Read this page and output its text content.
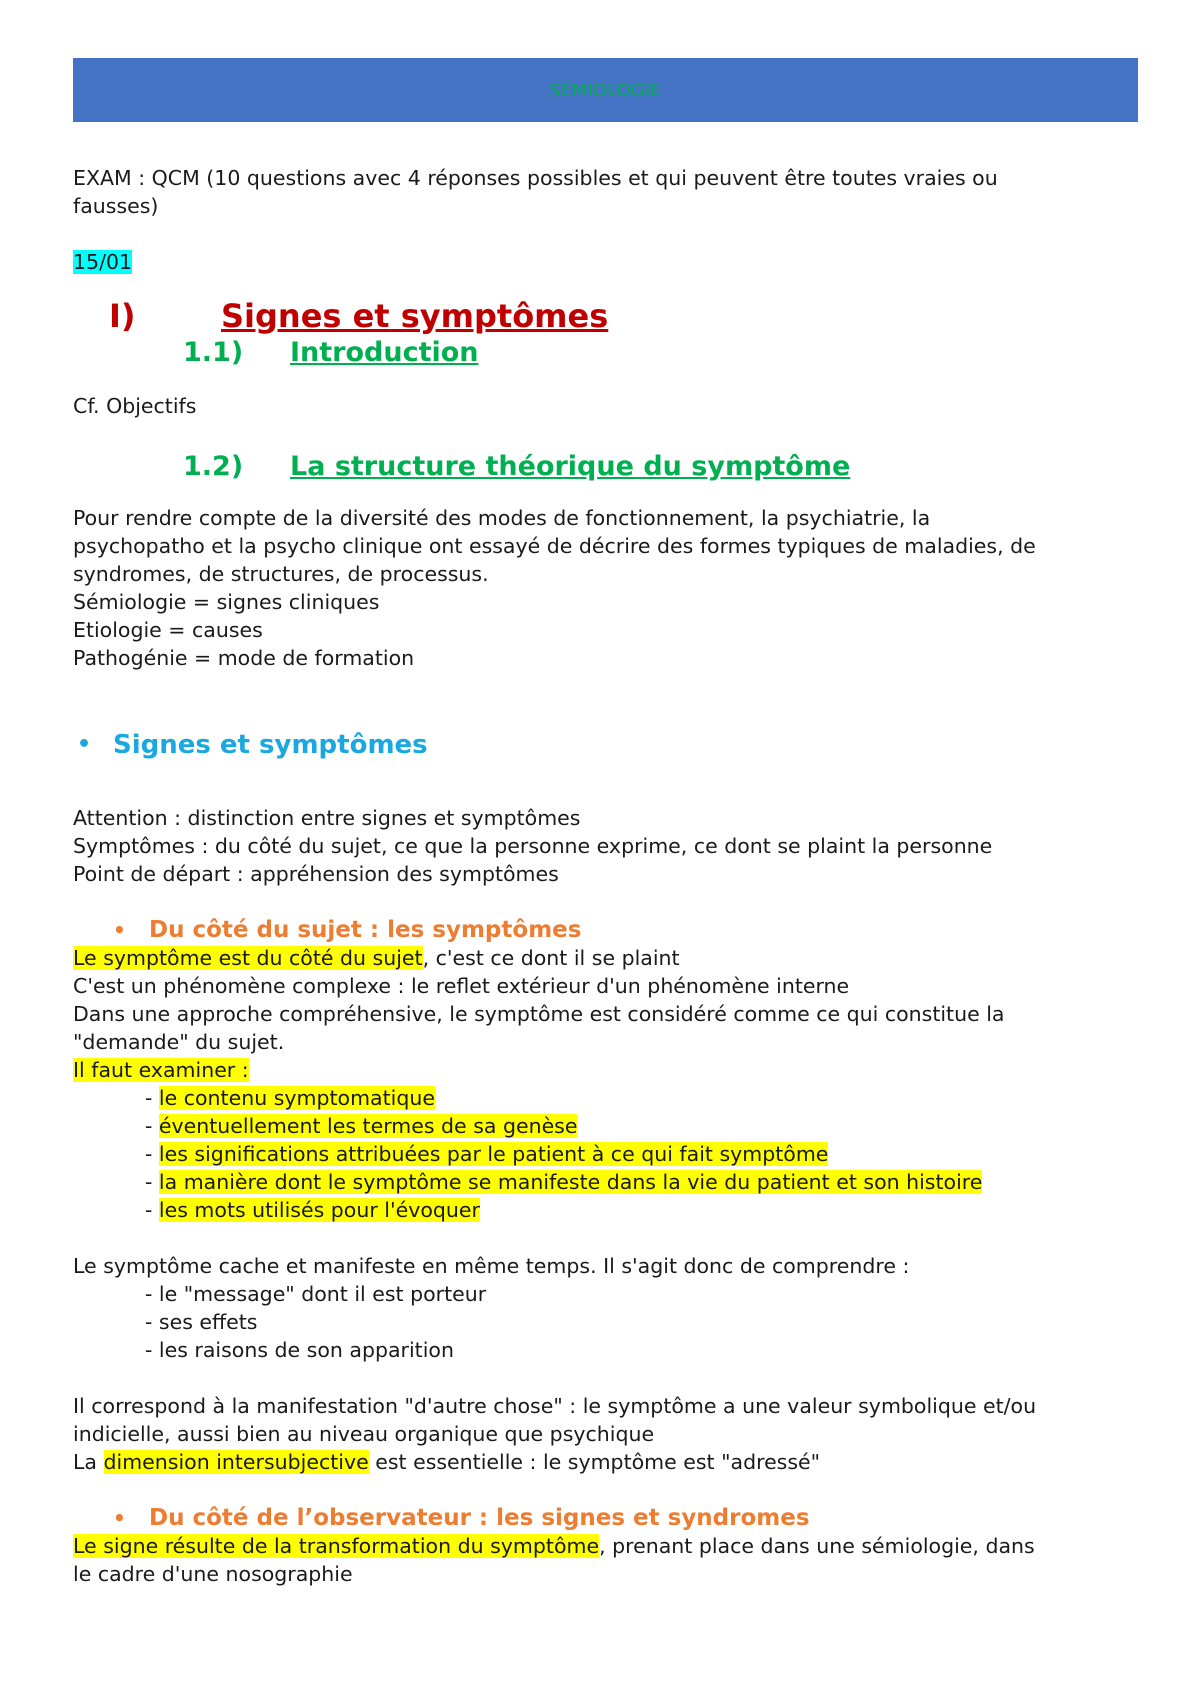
SÉMIOLOGIE

EXAM : QCM (10 questions avec 4 réponses possibles et qui peuvent être toutes vraies ou

fausses)

15/01

I)	Signes et symptômes
1.1)	Introduction

Cf. Objectifs

1.2)	La structure théorique du symptôme

Pour rendre compte de la diversité des modes de fonctionnement, la psychiatrie, la

psychopatho et la psycho clinique ont essayé de décrire des formes typiques de maladies, de

syndromes, de structures, de processus.

Sémiologie = signes cliniques

Etiologie = causes

Pathogénie = mode de formation

• Signes et symptômes

Attention : distinction entre signes et symptômes

Symptômes : du côté du sujet, ce que la personne exprime, ce dont se plaint la personne

Point de départ : appréhension des symptômes

•	Du côté du sujet : les symptômes

Le symptôme est du côté du sujet, c'est ce dont il se plaint

C'est un phénomène complexe : le reflet extérieur d'un phénomène interne

Dans une approche compréhensive, le symptôme est considéré comme ce qui constitue la

"demande" du sujet.

Il faut examiner :

- le contenu symptomatique

- éventuellement les termes de sa genèse

- les significations attribuées par le patient à ce qui fait symptôme

- la manière dont le symptôme se manifeste dans la vie du patient et son histoire

- les mots utilisés pour l'évoquer

Le symptôme cache et manifeste en même temps. Il s'agit donc de comprendre :

- le "message" dont il est porteur

- ses effets

- les raisons de son apparition

Il correspond à la manifestation "d'autre chose" : le symptôme a une valeur symbolique et/ou

indicielle, aussi bien au niveau organique que psychique

La dimension intersubjective est essentielle : le symptôme est "adressé"

•	Du côté de l’observateur : les signes et syndromes

Le signe résulte de la transformation du symptôme, prenant place dans une sémiologie, dans

le cadre d'une nosographie
